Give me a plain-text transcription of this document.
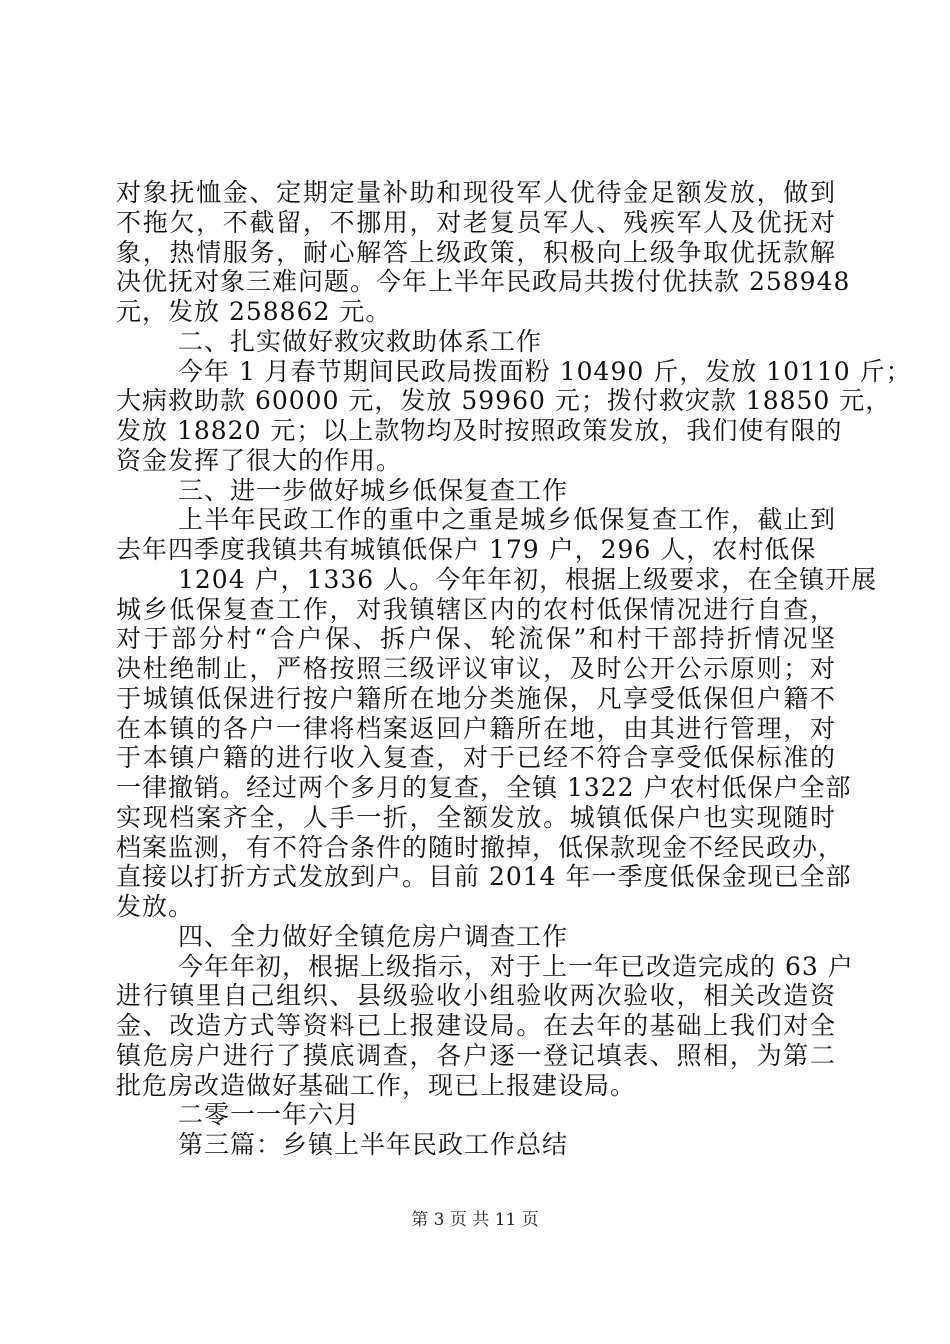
对象抚恤金、定期定量补助和现役军人优待金足额发放，做到
不拖欠，不截留，不挪用，对老复员军人、残疾军人及优抚对
象，热情服务，耐心解答上级政策，积极向上级争取优抚款解
决优抚对象三难问题。今年上半年民政局共拨付优扶款 258948
元，发放 258862 元。
二、扎实做好救灾救助体系工作
今年 1 月春节期间民政局拨面粉 10490 斤，发放 10110 斤；
大病救助款 60000 元，发放 59960 元；拨付救灾款 18850 元，
发放 18820 元；以上款物均及时按照政策发放，我们使有限的
资金发挥了很大的作用。
三、进一步做好城乡低保复查工作
上半年民政工作的重中之重是城乡低保复查工作，截止到
去年四季度我镇共有城镇低保户 179 户，296 人，农村低保
1204 户，1336 人。今年年初，根据上级要求，在全镇开展
城乡低保复查工作，对我镇辖区内的农村低保情况进行自查，
对于部分村“合户保、拆户保、轮流保”和村干部持折情况坚
决杜绝制止，严格按照三级评议审议，及时公开公示原则；对
于城镇低保进行按户籍所在地分类施保，凡享受低保但户籍不
在本镇的各户一律将档案返回户籍所在地，由其进行管理，对
于本镇户籍的进行收入复查，对于已经不符合享受低保标准的
一律撤销。经过两个多月的复查，全镇 1322 户农村低保户全部
实现档案齐全，人手一折，全额发放。城镇低保户也实现随时
档案监测，有不符合条件的随时撤掉，低保款现金不经民政办，
直接以打折方式发放到户。目前 2014 年一季度低保金现已全部
发放。
四、全力做好全镇危房户调查工作
今年年初，根据上级指示，对于上一年已改造完成的 63 户
进行镇里自己组织、县级验收小组验收两次验收，相关改造资
金、改造方式等资料已上报建设局。在去年的基础上我们对全
镇危房户进行了摸底调查，各户逐一登记填表、照相，为第二
批危房改造做好基础工作，现已上报建设局。
二零一一年六月
第三篇：乡镇上半年民政工作总结
第 3 页 共 11 页
